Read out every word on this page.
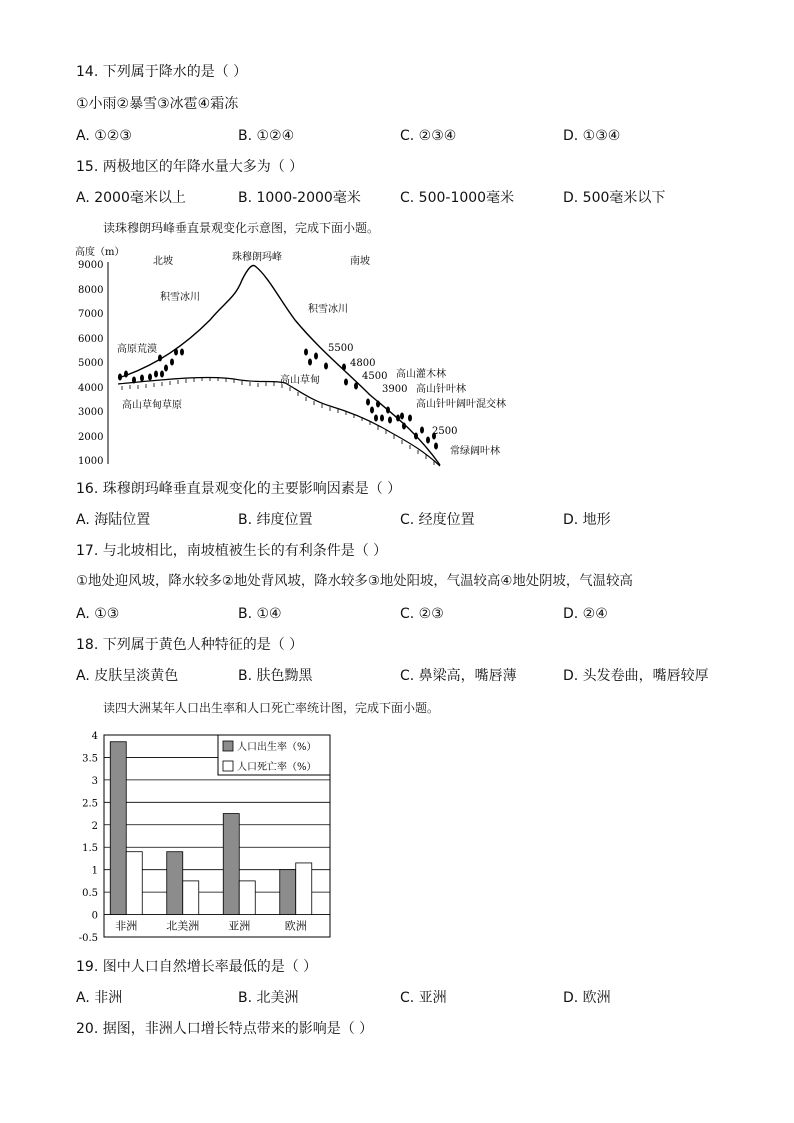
14. 下列属于降水的是（ ）
①小雨②暴雪③冰雹④霜冻
A. ①②③	B. ①②④	C. ②③④	D. ①③④
15. 两极地区的年降水量大多为（ ）
A. 2000毫米以上	B. 1000-2000毫米	C. 500-1000毫米	D. 500毫米以下
读珠穆朗玛峰垂直景观变化示意图，完成下面小题。
高度（m）
9000
8000
7000
6000
5000
4000
3000
2000
1000
北坡	珠穆朗玛峰	南坡
积雪冰川
积雪冰川
高原荒漠
高山草甸草原
高山草甸
5500
4800
4500
3900
2500
高山灌木林
高山针叶林
高山针叶阔叶混交林
常绿阔叶林
16. 珠穆朗玛峰垂直景观变化的主要影响因素是（ ）
A. 海陆位置	B. 纬度位置	C. 经度位置	D. 地形
17. 与北坡相比，南坡植被生长的有利条件是（ ）
①地处迎风坡，降水较多②地处背风坡，降水较多③地处阳坡，气温较高④地处阴坡，气温较高
A. ①③	B. ①④	C. ②③	D. ②④
18. 下列属于黄色人种特征的是（ ）
A. 皮肤呈淡黄色	B. 肤色黝黑	C. 鼻梁高，嘴唇薄	D. 头发卷曲，嘴唇较厚
读四大洲某年人口出生率和人口死亡率统计图，完成下面小题。
4
3.5
3
2.5
2
1.5
1
0.5
0
-0.5
非洲	北美洲	亚洲	欧洲
人口出生率（%）
人口死亡率（%）
19. 图中人口自然增长率最低的是（ ）
A. 非洲	B. 北美洲	C. 亚洲	D. 欧洲
20. 据图，非洲人口增长特点带来的影响是（ ）
